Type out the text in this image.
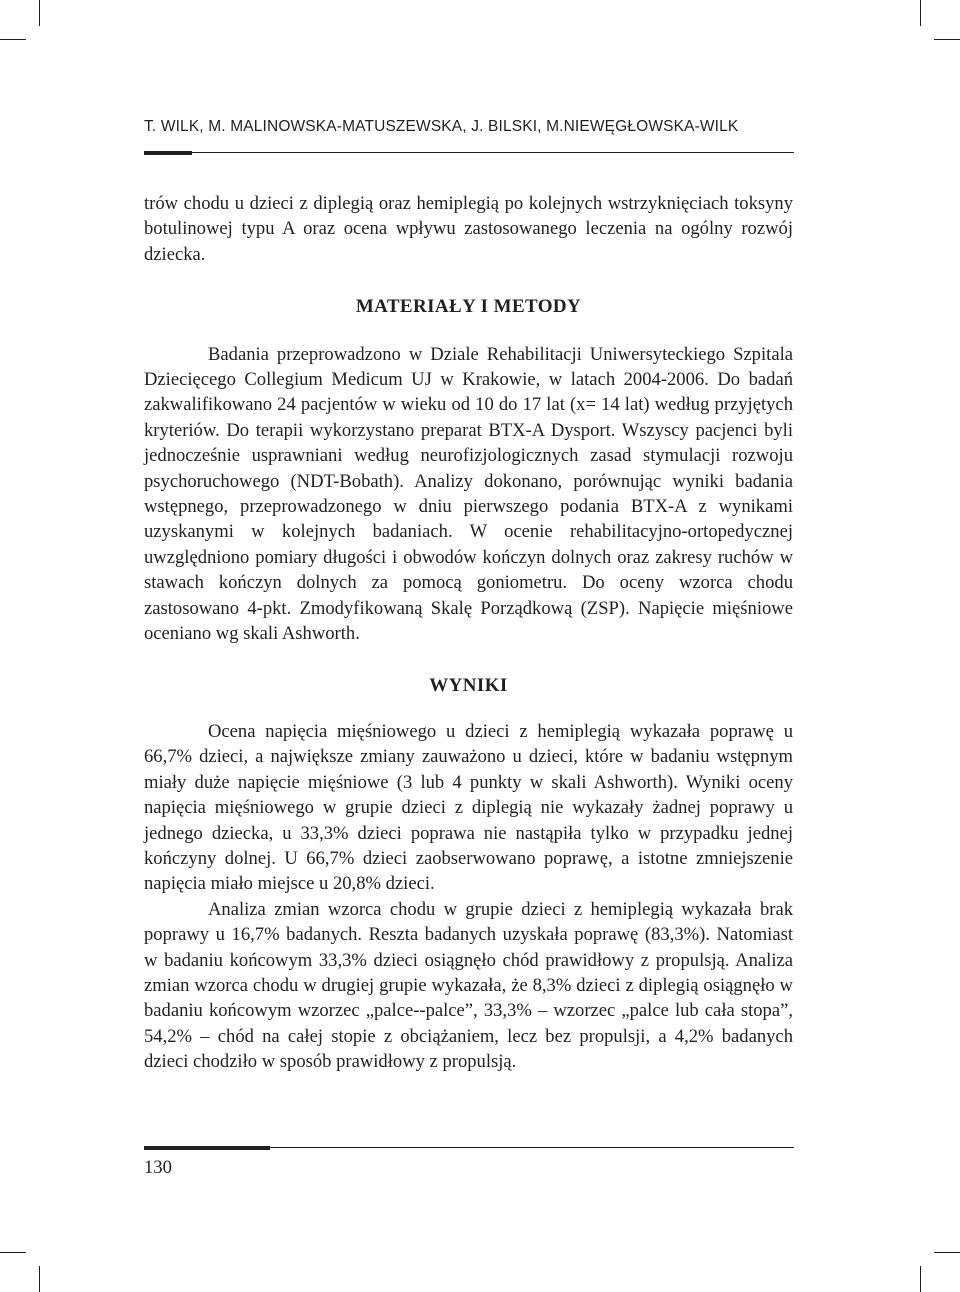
T. WILK, M. MALINOWSKA-MATUSZEWSKA, J. BILSKI, M.NIEWĘGŁOWSKA-WILK

trów chodu u dzieci z diplegią oraz hemiplegią po kolejnych wstrzyknięciach toksyny botulinowej typu A oraz ocena wpływu zastosowanego leczenia na ogólny rozwój dziecka.

MATERIAŁY I METODY

Badania przeprowadzono w Dziale Rehabilitacji Uniwersyteckiego Szpitala Dziecięcego Collegium Medicum UJ w Krakowie, w latach 2004-2006. Do badań zakwalifikowano 24 pacjentów w wieku od 10 do 17 lat (x= 14 lat) według przyjętych kryteriów. Do terapii wykorzystano preparat BTX-A Dysport. Wszyscy pacjenci byli jednocześnie usprawniani według neurofizjologicznych zasad stymulacji rozwoju psychoruchowego (NDT-Bobath). Analizy dokonano, porównując wyniki badania wstępnego, przeprowadzonego w dniu pierwszego podania BTX-A z wynikami uzyskanymi w kolejnych badaniach. W ocenie rehabilitacyjno-ortopedycznej uwzględniono pomiary długości i obwodów kończyn dolnych oraz zakresy ruchów w stawach kończyn dolnych za pomocą goniometru. Do oceny wzorca chodu zastosowano 4-pkt. Zmodyfikowaną Skalę Porządkową (ZSP). Napięcie mięśniowe oceniano wg skali Ashworth.

WYNIKI

Ocena napięcia mięśniowego u dzieci z hemiplegią wykazała poprawę u 66,7% dzieci, a największe zmiany zauważono u dzieci, które w badaniu wstępnym miały duże napięcie mięśniowe (3 lub 4 punkty w skali Ashworth). Wyniki oceny napięcia mięśniowego w grupie dzieci z diplegią nie wykazały żadnej poprawy u jednego dziecka, u 33,3% dzieci poprawa nie nastąpiła tylko w przypadku jednej kończyny dolnej. U 66,7% dzieci zaobserwowano poprawę, a istotne zmniejszenie napięcia miało miejsce u 20,8% dzieci.

Analiza zmian wzorca chodu w grupie dzieci z hemiplegią wykazała brak poprawy u 16,7% badanych. Reszta badanych uzyskała poprawę (83,3%). Natomiast w badaniu końcowym 33,3% dzieci osiągnęło chód prawidłowy z propulsją. Analiza zmian wzorca chodu w drugiej grupie wykazała, że 8,3% dzieci z diplegią osiągnęło w badaniu końcowym wzorzec „palce--palce”, 33,3% – wzorzec „palce lub cała stopa”, 54,2% – chód na całej stopie z obciążaniem, lecz bez propulsji, a 4,2% badanych dzieci chodziło w sposób prawidłowy z propulsją.

130
